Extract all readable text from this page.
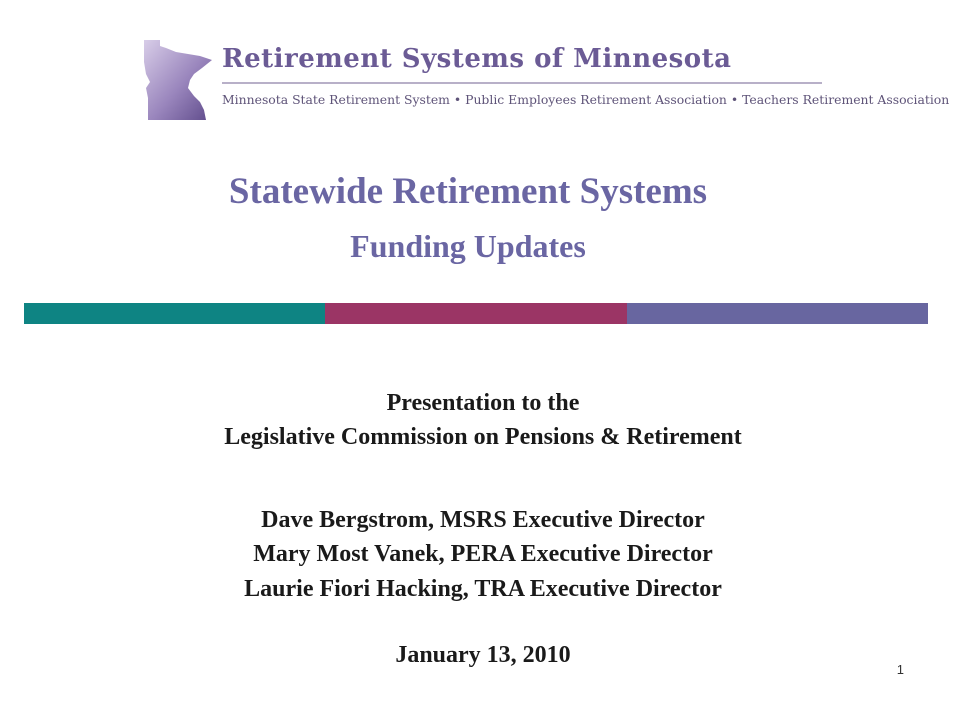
Retirement Systems of Minnesota
Minnesota State Retirement System • Public Employees Retirement Association • Teachers Retirement Association
Statewide Retirement Systems
Funding Updates
Presentation to the
Legislative Commission on Pensions & Retirement
Dave Bergstrom, MSRS Executive Director
Mary Most Vanek, PERA Executive Director
Laurie Fiori Hacking, TRA Executive Director
January 13, 2010
1
